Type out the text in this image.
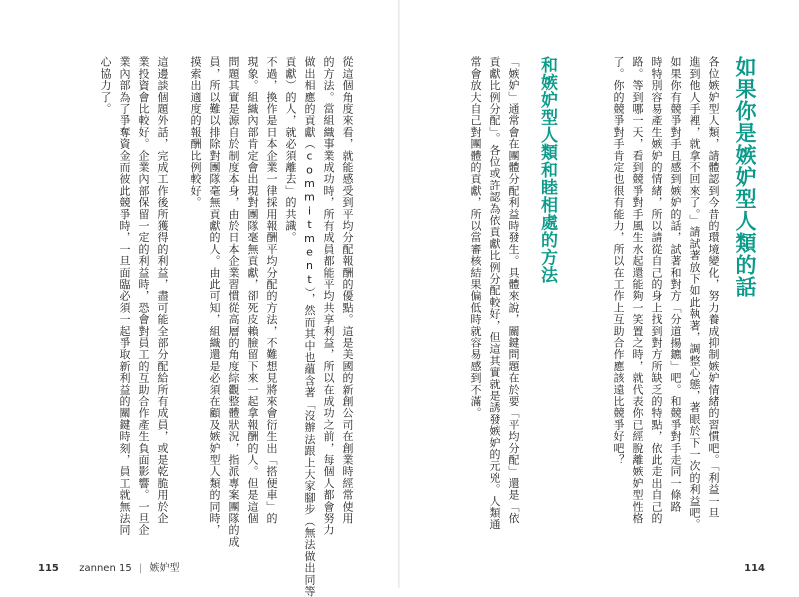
如果你是嫉妒型人類的話
各位嫉妒型人類，請體認到今昔的環境變化，努力養成抑制嫉妒情緒的習慣吧。「利益一旦
進到他人手裡，就拿不回來了。」請試著放下如此執著，調整心態，著眼於下一次的利益吧。
如果你有競爭對手且感到嫉妒的話，試著和對方「分道揚鑣」吧。和競爭對手走同一條路
時特別容易產生嫉妒的情緒，所以請從自己的身上找到對方所缺乏的特點，依此走出自己的
路。等到哪一天，看到競爭對手風生水起還能夠一笑置之時，就代表你已經脫離嫉妒型性格
了。你的競爭對手肯定也很有能力，所以在工作上互助合作應該遠比競爭好吧？
和嫉妒型人類和睦相處的方法
「嫉妒」通常會在團體分配利益時發生。具體來說，關鍵問題在於要「平均分配」還是「依
貢獻比例分配」。各位或許認為依貢獻比例分配較好，但這其實就是誘發嫉妒的元兇。人類通
常會放大自己對團體的貢獻，所以當審核結果偏低時就容易感到不滿。
從這個角度來看，就能感受到平均分配報酬的優點。這是美國的新創公司在創業時經常使用
的方法。當組織事業成功時，所有成員都能平均共享利益，所以在成功之前，每個人都會努力
做出相應的貢獻（commitment），然而其中也蘊含著「沒辦法跟上大家腳步（無法做出同等
貢獻）的人，就必須離去」的共識。
不過，換作是日本企業一律採用報酬平均分配的方法，不難想見將來會衍生出「搭便車」的
現象。組織內部肯定會出現對團隊毫無貢獻，卻死皮賴臉留下來一起拿報酬的人。但是這個
問題其實是源自於制度本身，由於日本企業習慣從高層的角度綜觀整體狀況，指派專案團隊的成
員，所以難以排除對團隊毫無貢獻的人。由此可知，組織還是必須在顧及嫉妒型人類的同時，
摸索出適度的報酬比例較好。
這邊談個題外話，完成工作後所獲得的利益，盡可能全部分配給所有成員，或是乾脆用於企
業投資會比較好。企業內部保留一定的利益時，恐會對員工的互助合作產生負面影響。一旦企
業內部為了爭奪資金而彼此競爭時，一旦面臨必須一起爭取新利益的關鍵時刻，員工就無法同
心協力了。
115 zannen 15 | 嫉妒型	114
